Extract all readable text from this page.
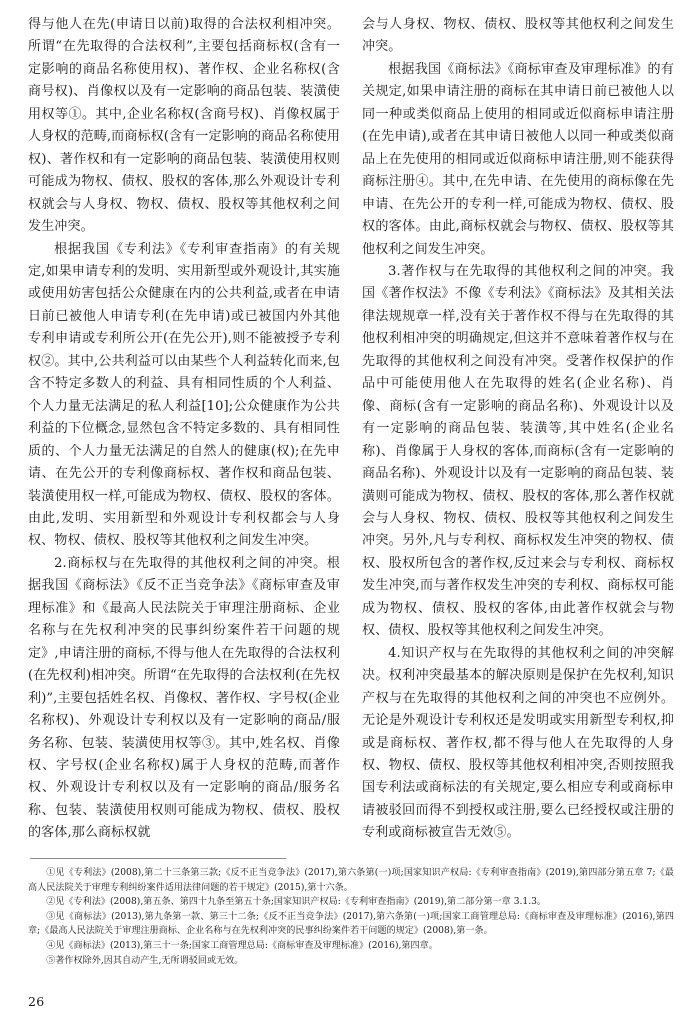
得与他人在先(申请日以前)取得的合法权利相冲突。所谓“在先取得的合法权利”,主要包括商标权(含有一定影响的商品名称使用权)、著作权、企业名称权(含商号权)、肖像权以及有一定影响的商品包装、装潢使用权等①。其中,企业名称权(含商号权)、肖像权属于人身权的范畴,而商标权(含有一定影响的商品名称使用权)、著作权和有一定影响的商品包装、装潢使用权则可能成为物权、债权、股权的客体,那么外观设计专利权就会与人身权、物权、债权、股权等其他权利之间发生冲突。

根据我国《专利法》《专利审查指南》的有关规定,如果申请专利的发明、实用新型或外观设计,其实施或使用妨害包括公众健康在内的公共利益,或者在申请日前已被他人申请专利(在先申请)或已被国内外其他专利申请或专利所公开(在先公开),则不能被授予专利权②。其中,公共利益可以由某些个人利益转化而来,包含不特定多数人的利益、具有相同性质的个人利益、个人力量无法满足的私人利益[10];公众健康作为公共利益的下位概念,显然包含不特定多数的、具有相同性质的、个人力量无法满足的自然人的健康(权);在先申请、在先公开的专利像商标权、著作权和商品包装、装潢使用权一样,可能成为物权、债权、股权的客体。由此,发明、实用新型和外观设计专利权都会与人身权、物权、债权、股权等其他权利之间发生冲突。

2.商标权与在先取得的其他权利之间的冲突。根据我国《商标法》《反不正当竞争法》《商标审查及审理标准》和《最高人民法院关于审理注册商标、企业名称与在先权利冲突的民事纠纷案件若干问题的规定》,申请注册的商标,不得与他人在先取得的合法权利(在先权利)相冲突。所谓“在先取得的合法权利(在先权利)”,主要包括姓名权、肖像权、著作权、字号权(企业名称权)、外观设计专利权以及有一定影响的商品/服务名称、包装、装潢使用权等③。其中,姓名权、肖像权、字号权(企业名称权)属于人身权的范畴,而著作权、外观设计专利权以及有一定影响的商品/服务名称、包装、装潢使用权则可能成为物权、债权、股权的客体,那么商标权就

会与人身权、物权、债权、股权等其他权利之间发生冲突。

根据我国《商标法》《商标审查及审理标准》的有关规定,如果申请注册的商标在其申请日前已被他人以同一种或类似商品上使用的相同或近似商标申请注册(在先申请),或者在其申请日被他人以同一种或类似商品上在先使用的相同或近似商标申请注册,则不能获得商标注册④。其中,在先申请、在先使用的商标像在先申请、在先公开的专利一样,可能成为物权、债权、股权的客体。由此,商标权就会与物权、债权、股权等其他权利之间发生冲突。

3.著作权与在先取得的其他权利之间的冲突。我国《著作权法》不像《专利法》《商标法》及其相关法律法规规章一样,没有关于著作权不得与在先取得的其他权利相冲突的明确规定,但这并不意味着著作权与在先取得的其他权利之间没有冲突。受著作权保护的作品中可能使用他人在先取得的姓名(企业名称)、肖像、商标(含有一定影响的商品名称)、外观设计以及有一定影响的商品包装、装潢等,其中姓名(企业名称)、肖像属于人身权的客体,而商标(含有一定影响的商品名称)、外观设计以及有一定影响的商品包装、装潢则可能成为物权、债权、股权的客体,那么著作权就会与人身权、物权、债权、股权等其他权利之间发生冲突。另外,凡与专利权、商标权发生冲突的物权、债权、股权所包含的著作权,反过来会与专利权、商标权发生冲突,而与著作权发生冲突的专利权、商标权可能成为物权、债权、股权的客体,由此著作权就会与物权、债权、股权等其他权利之间发生冲突。

4.知识产权与在先取得的其他权利之间的冲突解决。权利冲突最基本的解决原则是保护在先权利,知识产权与在先取得的其他权利之间的冲突也不应例外。无论是外观设计专利权还是发明或实用新型专利权,抑或是商标权、著作权,都不得与他人在先取得的人身权、物权、债权、股权等其他权利相冲突,否则按照我国专利法或商标法的有关规定,要么相应专利或商标申请被驳回而得不到授权或注册,要么已经授权或注册的专利或商标被宣告无效⑤。

①见《专利法》(2008),第二十三条第三款;《反不正当竞争法》(2017),第六条第(一)项;国家知识产权局:《专利审查指南》(2019),第四部分第五章 7;《最高人民法院关于审理专利纠纷案件适用法律问题的若干规定》(2015),第十六条。

②见《专利法》(2008),第五条、第四十九条至第五十条;国家知识产权局:《专利审查指南》(2019),第二部分第一章 3.1.3。

③见《商标法》(2013),第九条第一款、第三十二条;《反不正当竞争法》(2017),第六条第(一)项;国家工商管理总局:《商标审查及审理标准》(2016),第四章;《最高人民法院关于审理注册商标、企业名称与在先权利冲突的民事纠纷案件若干问题的规定》(2008),第一条。

④见《商标法》(2013),第三十一条;国家工商管理总局:《商标审查及审理标准》(2016),第四章。

⑤著作权除外,因其自动产生,无所谓驳回或无效。

26
